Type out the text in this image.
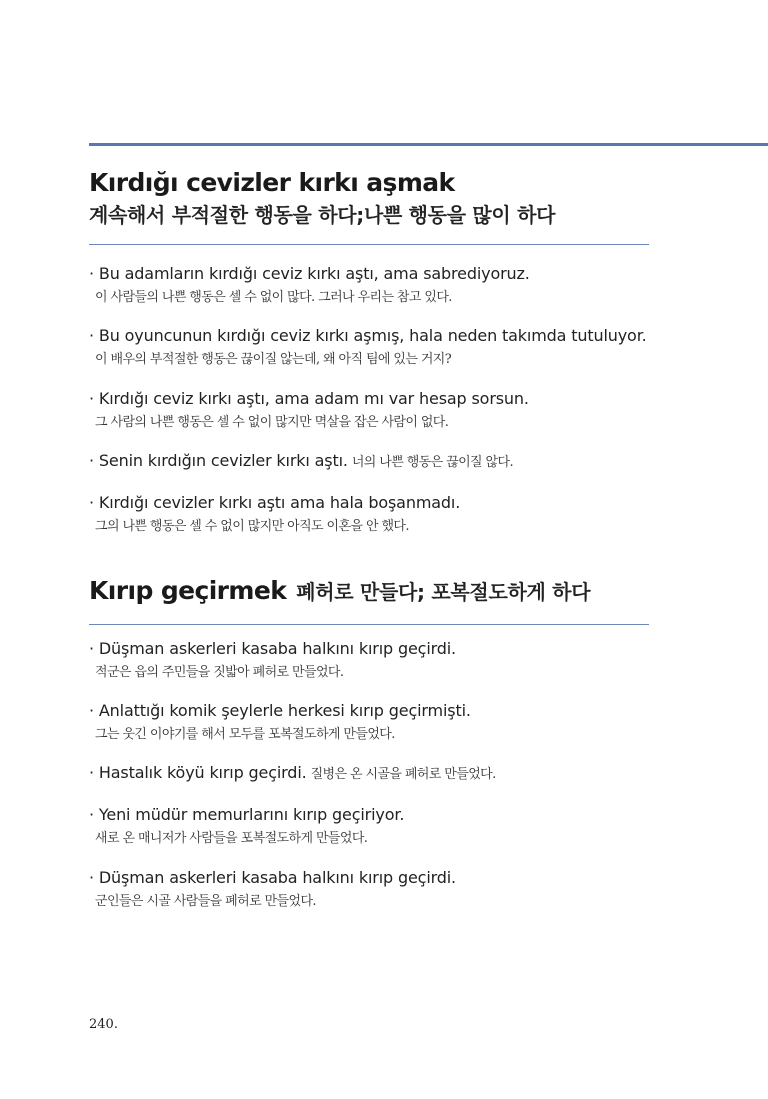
Kırdığı cevizler kırkı aşmak
계속해서 부적절한 행동을 하다;나쁜 행동을 많이 하다
· Bu adamların kırdığı ceviz kırkı aştı, ama sabrediyoruz.
이 사람들의 나쁜 행동은 셀 수 없이 많다. 그러나 우리는 참고 있다.
· Bu oyuncunun kırdığı ceviz kırkı aşmış, hala neden takımda tutuluyor.
이 배우의 부적절한 행동은 끊이질 않는데, 왜 아직 팀에 있는 거지?
· Kırdığı ceviz kırkı aştı, ama adam mı var hesap sorsun.
그 사람의 나쁜 행동은 셀 수 없이 많지만 멱살을 잡은 사람이 없다.
· Senin kırdığın cevizler kırkı aştı. 너의 나쁜 행동은 끊이질 않다.
· Kırdığı cevizler kırkı aştı ama hala boşanmadı.
그의 나쁜 행동은 셀 수 없이 많지만 아직도 이혼을 안 했다.
Kırıp geçirmek 폐허로 만들다; 포복절도하게 하다
· Düşman askerleri kasaba halkını kırıp geçirdi.
적군은 읍의 주민들을 짓밟아 폐허로 만들었다.
· Anlattığı komik şeylerle herkesi kırıp geçirmişti.
그는 웃긴 이야기를 해서 모두를 포복절도하게 만들었다.
· Hastalık köyü kırıp geçirdi. 질병은 온 시골을 폐허로 만들었다.
· Yeni müdür memurlarını kırıp geçiriyor.
새로 온 매니저가 사람들을 포복절도하게 만들었다.
· Düşman askerleri kasaba halkını kırıp geçirdi.
군인들은 시골 사람들을 폐허로 만들었다.
240.
